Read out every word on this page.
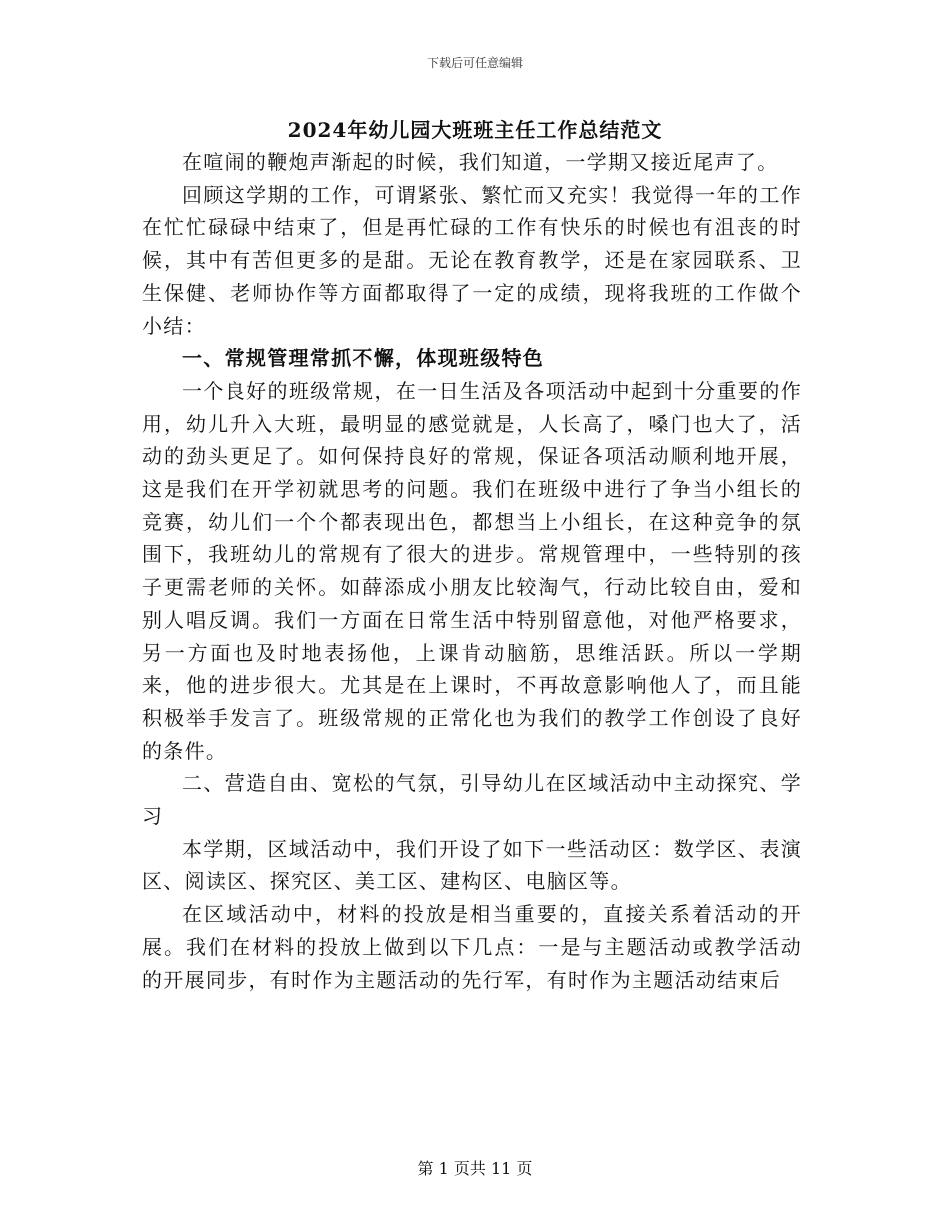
下载后可任意编辑
2024年幼儿园大班班主任工作总结范文

在喧闹的鞭炮声渐起的时候，我们知道，一学期又接近尾声了。

回顾这学期的工作，可谓紧张、繁忙而又充实！我觉得一年的工作在忙忙碌碌中结束了，但是再忙碌的工作有快乐的时候也有沮丧的时候，其中有苦但更多的是甜。无论在教育教学，还是在家园联系、卫生保健、老师协作等方面都取得了一定的成绩，现将我班的工作做个小结：

一、常规管理常抓不懈，体现班级特色

一个良好的班级常规，在一日生活及各项活动中起到十分重要的作用，幼儿升入大班，最明显的感觉就是，人长高了，嗓门也大了，活动的劲头更足了。如何保持良好的常规，保证各项活动顺利地开展，这是我们在开学初就思考的问题。我们在班级中进行了争当小组长的竞赛，幼儿们一个个都表现出色，都想当上小组长，在这种竞争的氛围下，我班幼儿的常规有了很大的进步。常规管理中，一些特别的孩子更需老师的关怀。如薛添成小朋友比较淘气，行动比较自由，爱和别人唱反调。我们一方面在日常生活中特别留意他，对他严格要求，另一方面也及时地表扬他，上课肯动脑筋，思维活跃。所以一学期来，他的进步很大。尤其是在上课时，不再故意影响他人了，而且能积极举手发言了。班级常规的正常化也为我们的教学工作创设了良好的条件。

二、营造自由、宽松的气氛，引导幼儿在区域活动中主动探究、学习

本学期，区域活动中，我们开设了如下一些活动区：数学区、表演区、阅读区、探究区、美工区、建构区、电脑区等。

在区域活动中，材料的投放是相当重要的，直接关系着活动的开展。我们在材料的投放上做到以下几点：一是与主题活动或教学活动的开展同步，有时作为主题活动的先行军，有时作为主题活动结束后

第 1 页共 11 页
